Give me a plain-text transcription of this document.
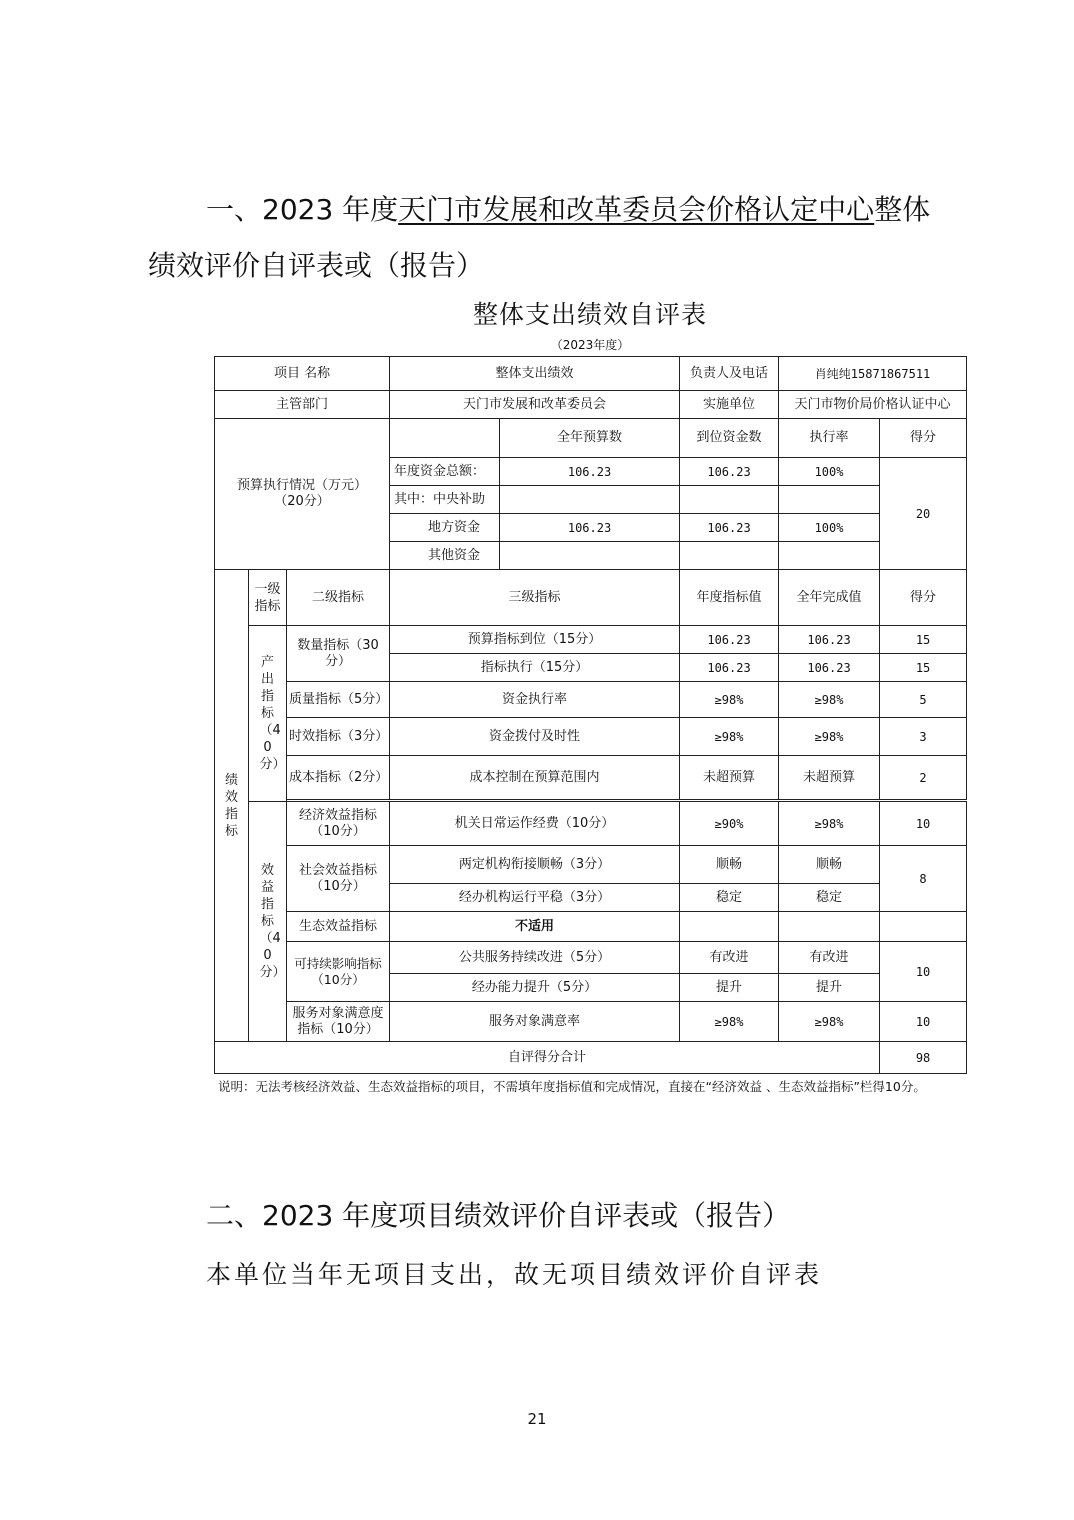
一、2023 年度天门市发展和改革委员会价格认定中心整体
绩效评价自评表或（报告）
整体支出绩效自评表
（2023年度）
项目 名称			整体支出绩效		负责人及电话	肖纯纯15871867511	
主管部门			天门市发展和改革委员会		实施单位	天门市物价局价格认证中心	
预算执行情况（万元）（20分）				全年预算数	到位资金数	执行率	得分
			年度资金总额：	106.23	106.23	100%	20
			其中：中央补助				
			地方资金	106.23	106.23	100%	
			其他资金				
绩效指标	一级指标	二级指标	三级指标		年度指标值	全年完成值	得分
	产出指标（40分）	数量指标（30分）	预算指标到位（15分）		106.23	106.23	15
			指标执行（15分）		106.23	106.23	15
		质量指标（5分）	资金执行率		≥98%	≥98%	5
		时效指标（3分）	资金拨付及时性		≥98%	≥98%	3
		成本指标（2分）	成本控制在预算范围内		未超预算	未超预算	2

	效益指标（40分）	经济效益指标（10分）	机关日常运作经费（10分）		≥90%	≥98%	10
		社会效益指标（10分）	两定机构衔接顺畅（3分）		顺畅	顺畅	8
			经办机构运行平稳（3分）		稳定	稳定	
		生态效益指标	不适用				
		可持续影响指标（10分）	公共服务持续改进（5分）		有改进	有改进	10
			经办能力提升（5分）		提升	提升	
		服务对象满意度指标（10分）	服务对象满意率		≥98%	≥98%	10
自评得分合计							98
说明：无法考核经济效益、生态效益指标的项目，不需填年度指标值和完成情况，直接在“经济效益 、生态效益指标”栏得10分。
二、2023 年度项目绩效评价自评表或（报告）
本单位当年无项目支出，故无项目绩效评价自评表
21
